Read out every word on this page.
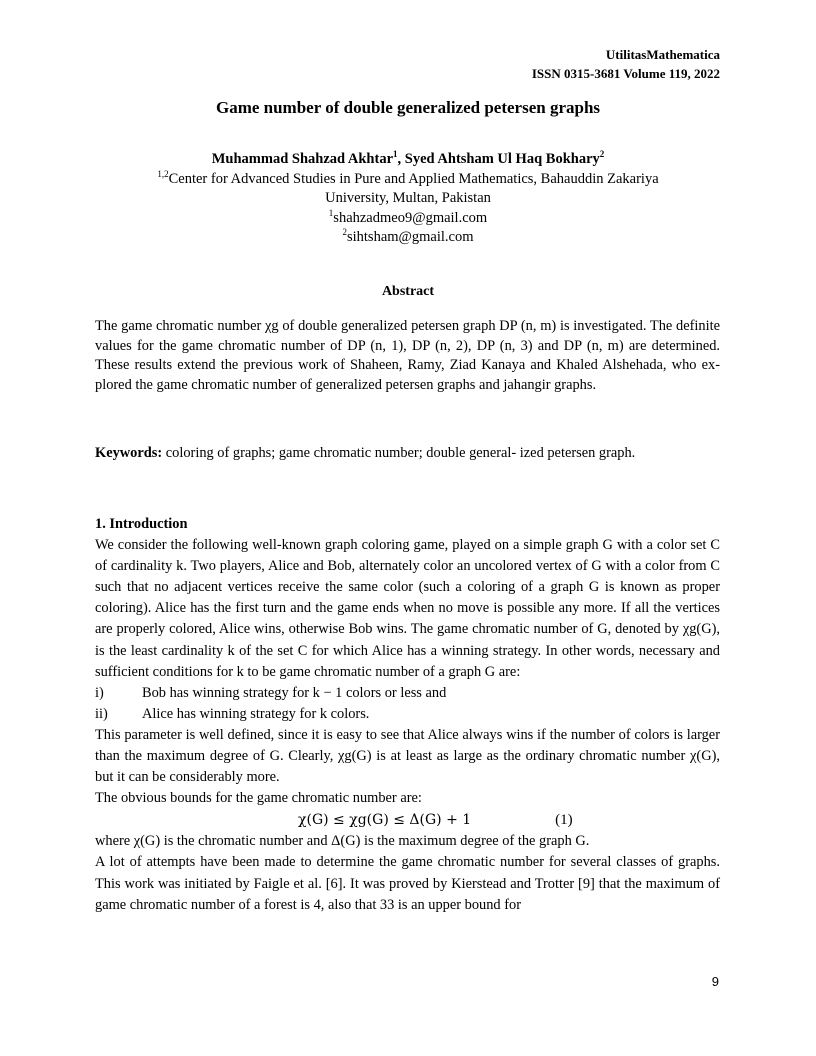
UtilitasMathematica
ISSN 0315-3681 Volume 119, 2022
Game number of double generalized petersen graphs
Muhammad Shahzad Akhtar$^1$, Syed Ahtsham Ul Haq Bokhary$^2$
$^{1,2}$Center for Advanced Studies in Pure and Applied Mathematics, Bahauddin Zakariya
University, Multan, Pakistan
$^1$shahzadmeo9@gmail.com
$^2$sihtsham@gmail.com
Abstract
The game chromatic number χg of double generalized petersen graph DP (n, m) is investigated. The definite values for the game chromatic number of DP (n, 1), DP (n, 2), DP (n, 3) and DP (n, m) are determined. These results extend the previous work of Shaheen, Ramy, Ziad Kanaya and Khaled Alshehada, who ex- plored the game chromatic number of generalized petersen graphs and jahangir graphs.
Keywords: coloring of graphs; game chromatic number; double general- ized petersen graph.
1. Introduction

We consider the following well-known graph coloring game, played on a simple graph G with a color set C of cardinality k. Two players, Alice and Bob, alternately color an uncolored vertex of G with a color from C such that no adjacent vertices receive the same color (such a coloring of a graph G is known as proper coloring). Alice has the first turn and the game ends when no move is possible any more. If all the vertices are properly colored, Alice wins, otherwise Bob wins. The game chromatic number of G, denoted by χg(G), is the least cardinality k of the set C for which Alice has a winning strategy. In other words, necessary and sufficient conditions for k to be game chromatic number of a graph G are:

i)	Bob has winning strategy for k − 1 colors or less and
ii)	Alice has winning strategy for k colors.

This parameter is well defined, since it is easy to see that Alice always wins if the number of colors is larger than the maximum degree of G. Clearly, χg(G) is at least as large as the ordinary chromatic number χ(G), but it can be considerably more.

The obvious bounds for the game chromatic number are:

χ(G) ≤ χg(G) ≤ Δ(G) + 1	(1)

where χ(G) is the chromatic number and Δ(G) is the maximum degree of the graph G.

A lot of attempts have been made to determine the game chromatic number for several classes of graphs. This work was initiated by Faigle et al. [6]. It was proved by Kierstead and Trotter [9] that the maximum of game chromatic number of a forest is 4, also that 33 is an upper bound for

9
